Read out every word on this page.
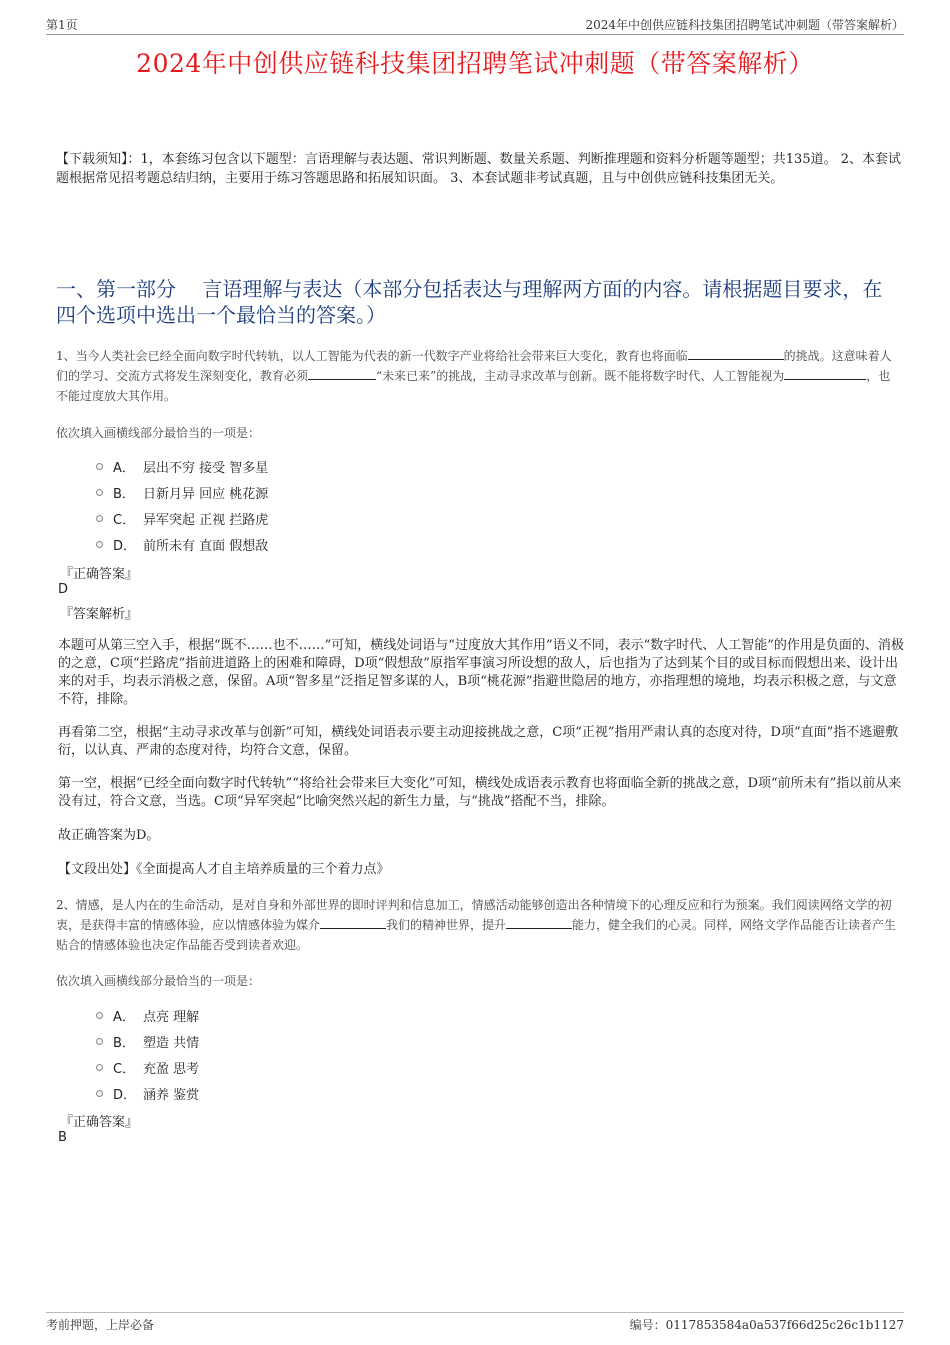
第1页	2024年中创供应链科技集团招聘笔试冲刺题（带答案解析）
2024年中创供应链科技集团招聘笔试冲刺题（带答案解析）
【下载须知】：1，本套练习包含以下题型：言语理解与表达题、常识判断题、数量关系题、判断推理题和资料分析题等题型；共135道。 2、本套试题根据常见招考题总结归纳，主要用于练习答题思路和拓展知识面。 3、本套试题非考试真题，且与中创供应链科技集团无关。
一、第一部分　 言语理解与表达（本部分包括表达与理解两方面的内容。请根据题目要求，在四个选项中选出一个最恰当的答案。）
1、当今人类社会已经全面向数字时代转轨，以人工智能为代表的新一代数字产业将给社会带来巨大变化，教育也将面临	的挑战。这意味着人们的学习、交流方式将发生深刻变化，教育必须	“未来已来”的挑战，主动寻求改革与创新。既不能将数字时代、人工智能视为	，也不能过度放大其作用。
依次填入画横线部分最恰当的一项是：
A． 层出不穷 接受 智多星
B． 日新月异 回应 桃花源
C． 异军突起 正视 拦路虎
D． 前所未有 直面 假想敌
『正确答案』
D
『答案解析』
本题可从第三空入手，根据“既不……也不……”可知，横线处词语与“过度放大其作用”语义不同，表示“数字时代、人工智能”的作用是负面的、消极的之意，C项“拦路虎”指前进道路上的困难和障碍，D项“假想敌”原指军事演习所设想的敌人，后也指为了达到某个目的或目标而假想出来、设计出来的对手，均表示消极之意，保留。A项“智多星”泛指足智多谋的人，B项“桃花源”指避世隐居的地方，亦指理想的境地，均表示积极之意，与文意不符，排除。
再看第二空，根据“主动寻求改革与创新”可知，横线处词语表示要主动迎接挑战之意，C项“正视”指用严肃认真的态度对待，D项“直面”指不逃避敷衍，以认真、严肃的态度对待，均符合文意，保留。
第一空，根据“已经全面向数字时代转轨”“将给社会带来巨大变化”可知，横线处成语表示教育也将面临全新的挑战之意，D项“前所未有”指以前从来没有过，符合文意，当选。C项“异军突起”比喻突然兴起的新生力量，与“挑战”搭配不当，排除。
故正确答案为D。
【文段出处】《全面提高人才自主培养质量的三个着力点》
2、情感，是人内在的生命活动，是对自身和外部世界的即时评判和信息加工，情感活动能够创造出各种情境下的心理反应和行为预案。我们阅读网络文学的初衷，是获得丰富的情感体验，应以情感体验为媒介	我们的精神世界，提升	能力，健全我们的心灵。同样，网络文学作品能否让读者产生贴合的情感体验也决定作品能否受到读者欢迎。
依次填入画横线部分最恰当的一项是：
A． 点亮 理解
B． 塑造 共情
C． 充盈 思考
D． 涵养 鉴赏
『正确答案』
B
考前押题，上岸必备	编号：0117853584a0a537f66d25c26c1b1127
